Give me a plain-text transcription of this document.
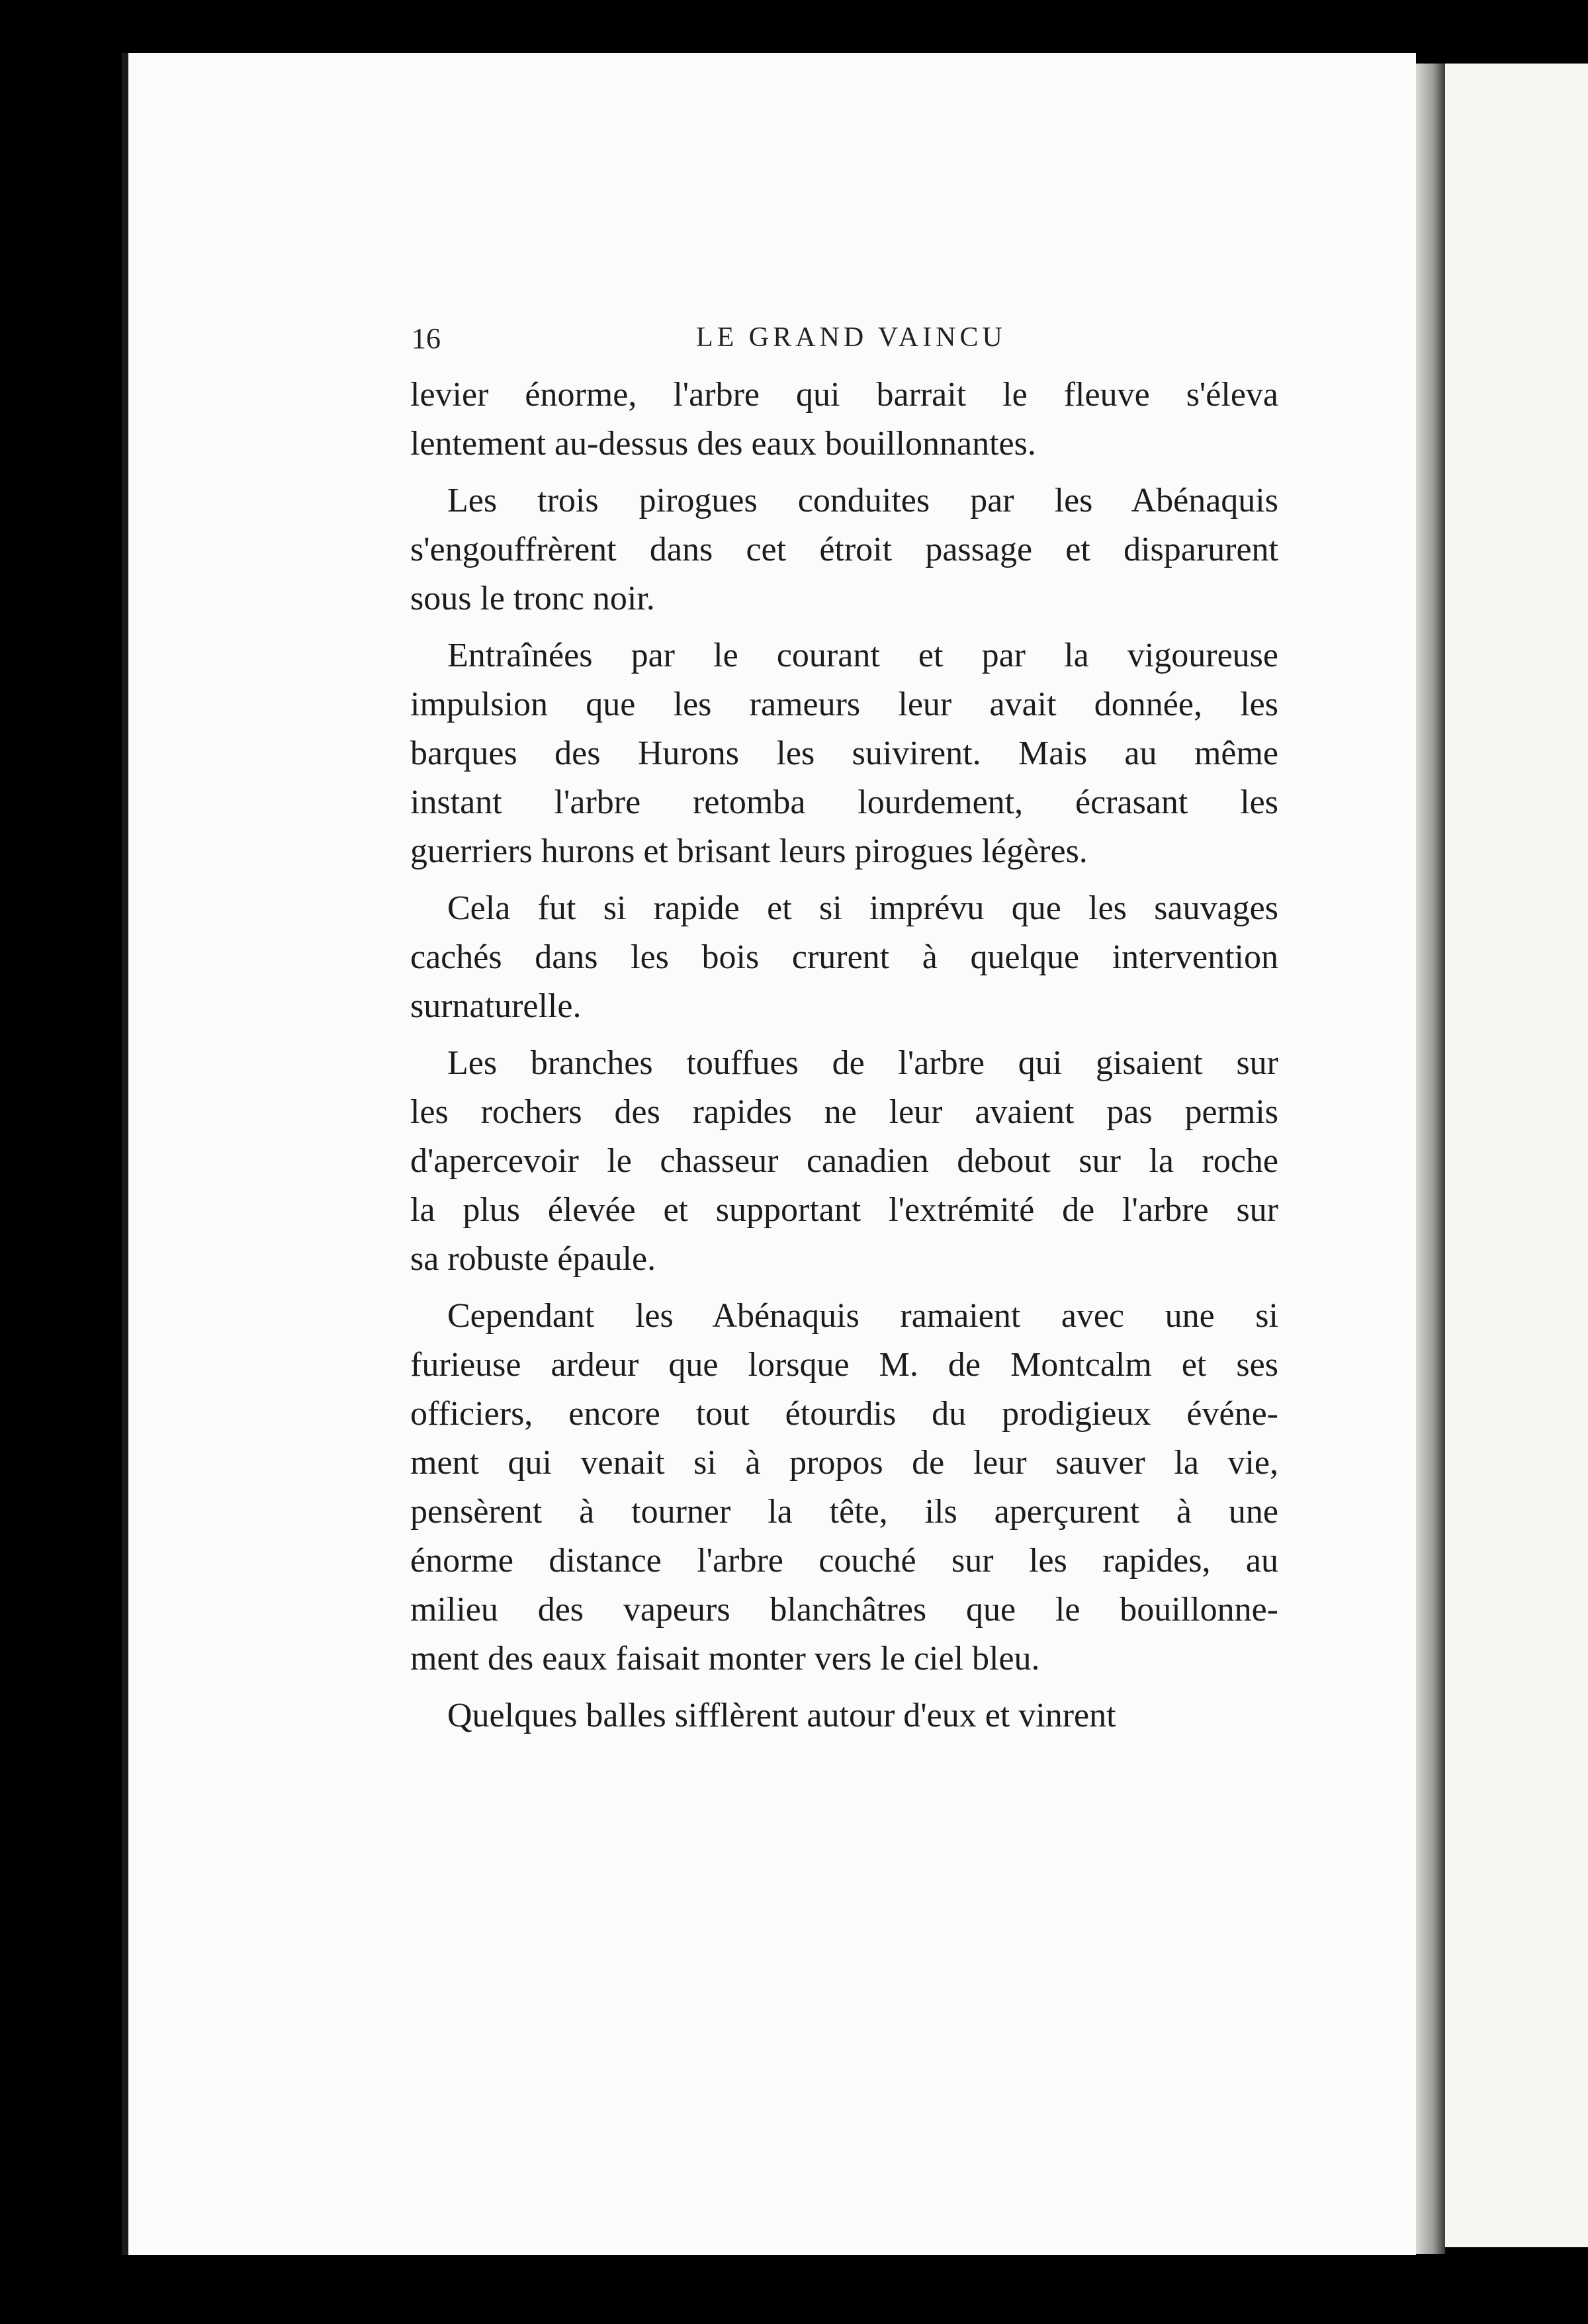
16	LE GRAND VAINCU
levier énorme, l'arbre qui barrait le fleuve s'éleva
lentement au-dessus des eaux bouillonnantes.
Les trois pirogues conduites par les Abénaquis
s'engouffrèrent dans cet étroit passage et disparurent
sous le tronc noir.
Entraînées par le courant et par la vigoureuse
impulsion que les rameurs leur avait donnée, les
barques des Hurons les suivirent. Mais au même
instant l'arbre retomba lourdement, écrasant les
guerriers hurons et brisant leurs pirogues légères.
Cela fut si rapide et si imprévu que les sauvages
cachés dans les bois crurent à quelque intervention
surnaturelle.
Les branches touffues de l'arbre qui gisaient sur
les rochers des rapides ne leur avaient pas permis
d'apercevoir le chasseur canadien debout sur la roche
la plus élevée et supportant l'extrémité de l'arbre sur
sa robuste épaule.
Cependant les Abénaquis ramaient avec une si
furieuse ardeur que lorsque M. de Montcalm et ses
officiers, encore tout étourdis du prodigieux événe-
ment qui venait si à propos de leur sauver la vie,
pensèrent à tourner la tête, ils aperçurent à une
énorme distance l'arbre couché sur les rapides, au
milieu des vapeurs blanchâtres que le bouillonne-
ment des eaux faisait monter vers le ciel bleu.
Quelques balles sifflèrent autour d'eux et vinrent
